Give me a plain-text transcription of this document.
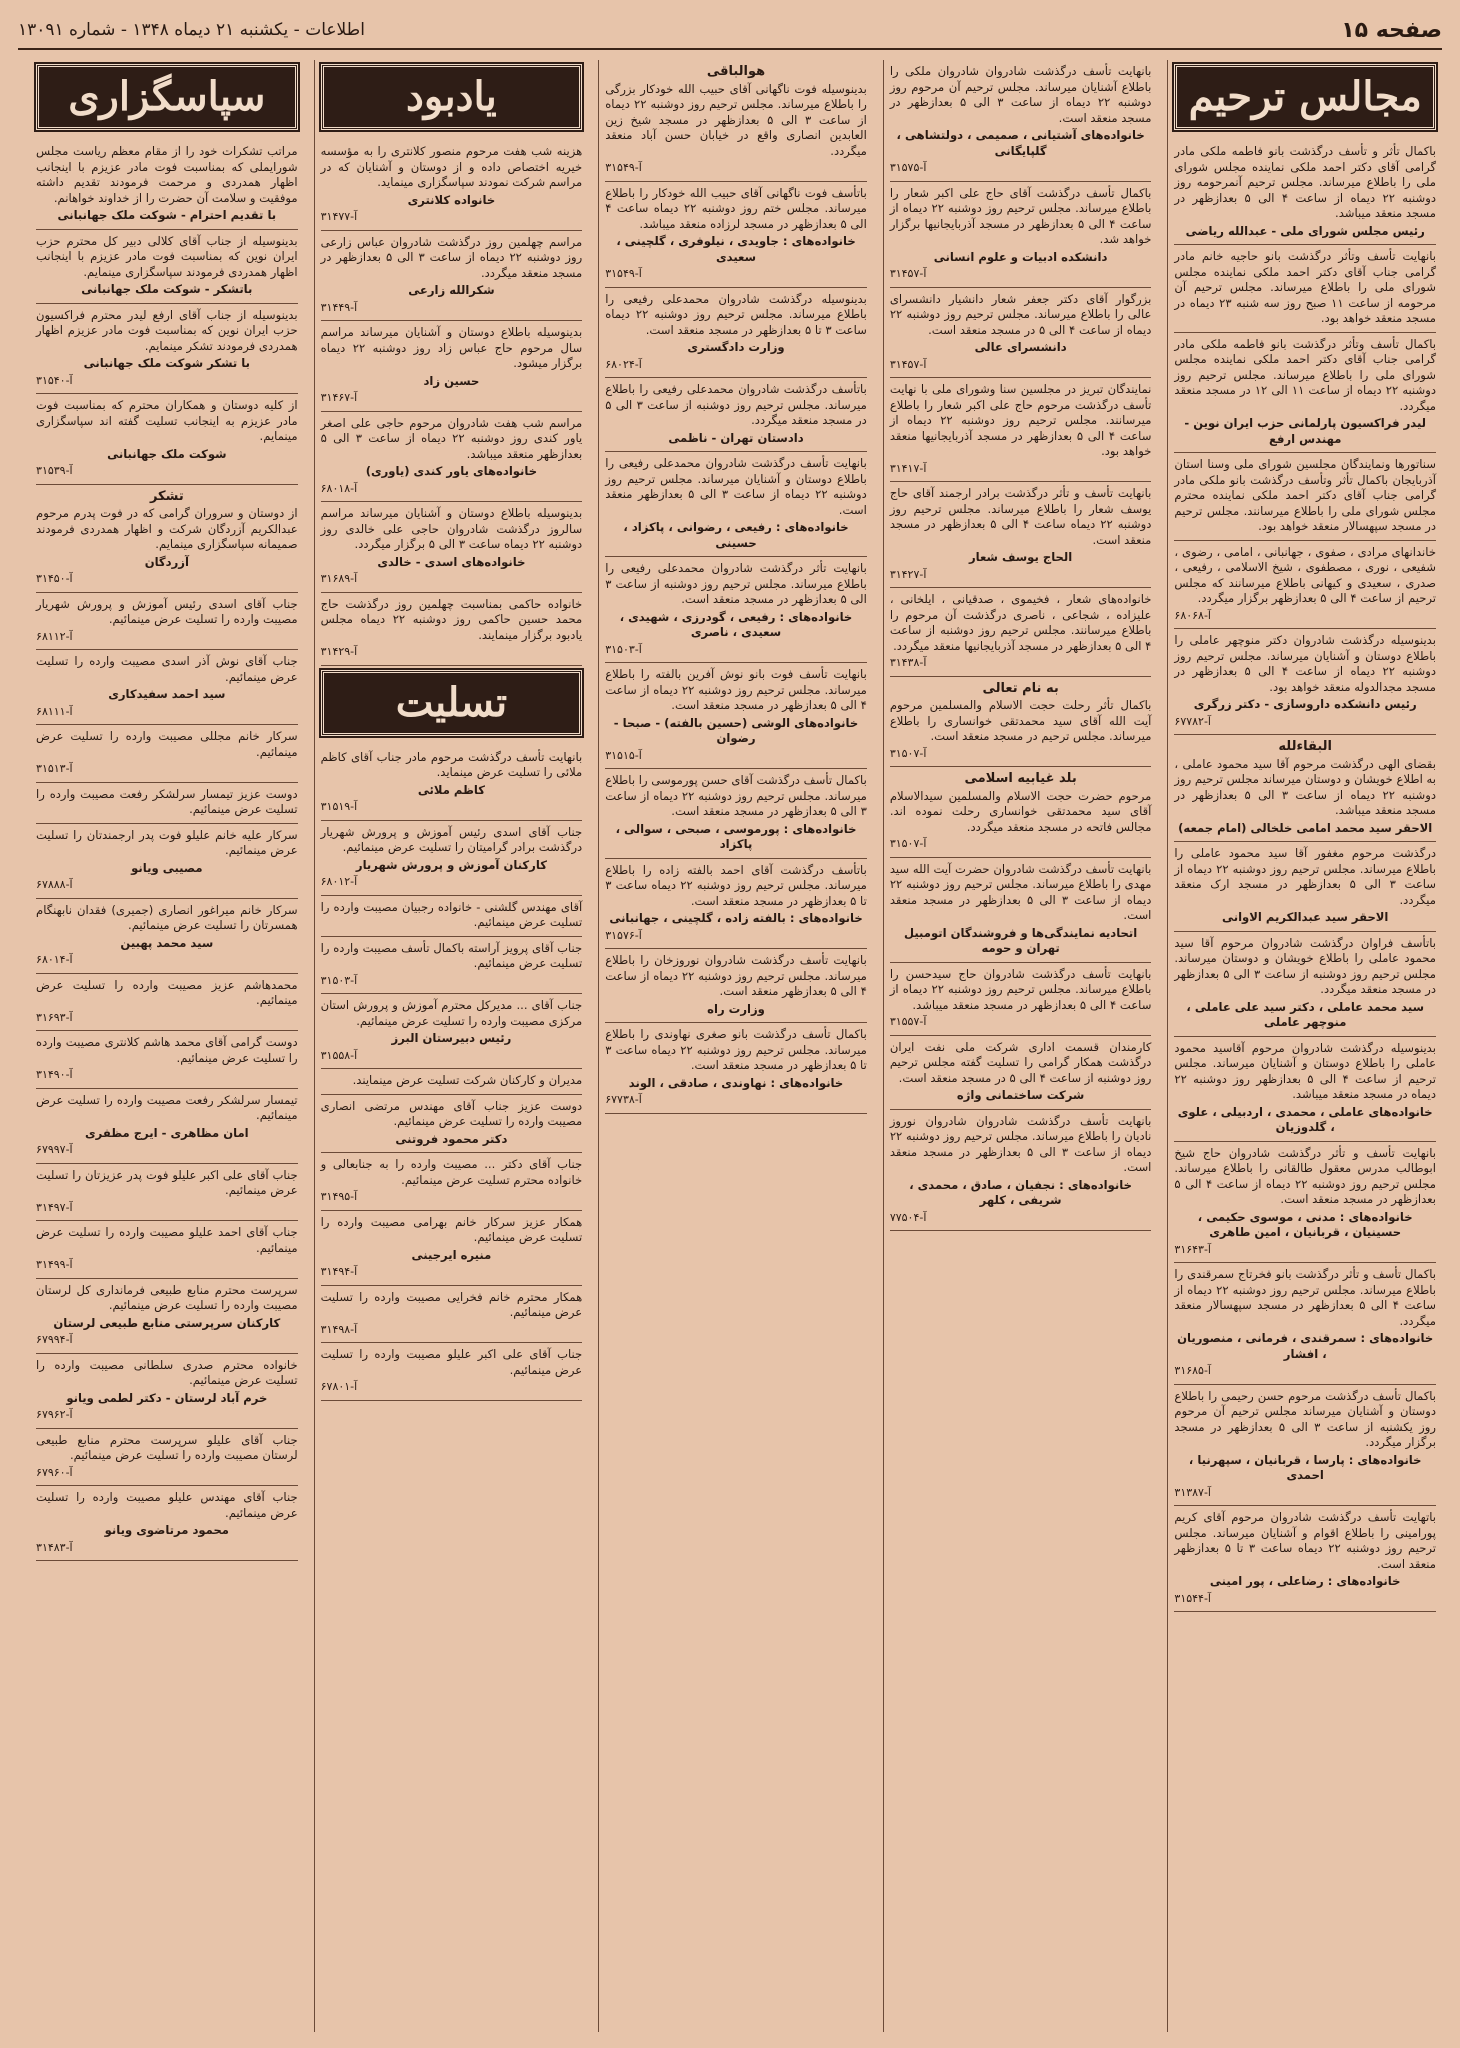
صفحه ۱۵
اطلاعات - یکشنبه ۲۱ دیماه ۱۳۴۸ - شماره ۱۳۰۹۱
مجالس ترحیم
باکمال تأثر و تأسف درگذشت بانو فاطمه ملکی مادر گرامی آقای دکتر احمد ملکی نماینده مجلس شورای ملی را باطلاع میرساند. مجلس ترحیم آنمرحومه روز دوشنبه ۲۲ دیماه از ساعت ۴ الی ۵ بعدازظهر در مسجد منعقد میباشد.
رئیس مجلس شورای ملی - عبدالله ریاضی
بانهایت تأسف وتأثر درگذشت بانو حاجیه خانم مادر گرامی جناب آقای دکتر احمد ملکی نماینده مجلس شورای ملی را باطلاع میرساند. مجلس ترحیم آن مرحومه از ساعت ۱۱ صبح روز سه شنبه ۲۳ دیماه در مسجد منعقد خواهد بود.
باکمال تأسف وتأثر درگذشت بانو فاطمه ملکی مادر گرامی جناب آقای دکتر احمد ملکی نماینده مجلس شورای ملی را باطلاع میرساند. مجلس ترحیم روز دوشنبه ۲۲ دیماه از ساعت ۱۱ الی ۱۲ در مسجد منعقد میگردد.
لیدر فراکسیون پارلمانی حزب ایران نوین - مهندس ارفع
سناتورها ونمایندگان مجلسین شورای ملی وسنا استان آذربایجان باکمال تأثر وتأسف درگذشت بانو ملکی مادر گرامی جناب آقای دکتر احمد ملکی نماینده محترم مجلس شورای ملی را باطلاع میرسانند. مجلس ترحیم در مسجد سپهسالار منعقد خواهد بود.
خاندانهای مرادی ، صفوی ، جهانبانی ، امامی ، رضوی ، شفیعی ، نوری ، مصطفوی ، شیخ الاسلامی ، رفیعی ، صدری ، سعیدی و کیهانی باطلاع میرسانند که مجلس ترحیم از ساعت ۴ الی ۵ بعدازظهر برگزار میگردد.
آ-۶۸۰۶۸
بدینوسیله درگذشت شادروان دکتر منوچهر عاملی را باطلاع دوستان و آشنایان میرساند. مجلس ترحیم روز دوشنبه ۲۲ دیماه از ساعت ۴ الی ۵ بعدازظهر در مسجد مجدالدوله منعقد خواهد بود.
رئیس دانشکده داروسازی - دکتر زرگری
آ-۶۷۷۸۲
البقاءلله
بقضای الهی درگذشت مرحوم آقا سید محمود عاملی ، به اطلاع خویشان و دوستان میرساند مجلس ترحیم روز دوشنبه ۲۲ دیماه از ساعت ۳ الی ۵ بعدازظهر در مسجد منعقد میباشد.
الاحقر سید محمد امامی خلخالی (امام جمعه)
درگذشت مرحوم مغفور آقا سید محمود عاملی را باطلاع میرساند. مجلس ترحیم روز دوشنبه ۲۲ دیماه از ساعت ۳ الی ۵ بعدازظهر در مسجد ارک منعقد میگردد.
الاحقر سید عبدالکریم الاوانی
باتأسف فراوان درگذشت شادروان مرحوم آقا سید محمود عاملی را باطلاع خویشان و دوستان میرساند. مجلس ترحیم روز دوشنبه از ساعت ۳ الی ۵ بعدازظهر در مسجد منعقد میگردد.
سید محمد عاملی ، دکتر سید علی عاملی ، منوچهر عاملی
بدینوسیله درگذشت شادروان مرحوم آقاسید محمود عاملی را باطلاع دوستان و آشنایان میرساند. مجلس ترحیم از ساعت ۴ الی ۵ بعدازظهر روز دوشنبه ۲۲ دیماه در مسجد منعقد میباشد.
خانواده‌های عاملی ، محمدی ، اردبیلی ، علوی ، گلدوزیان
بانهایت تأسف و تأثر درگذشت شادروان حاج شیخ ابوطالب مدرس معقول طالقانی را باطلاع میرساند. مجلس ترحیم روز دوشنبه ۲۲ دیماه از ساعت ۴ الی ۵ بعدازظهر در مسجد منعقد است.
خانواده‌های : مدنی ، موسوی حکیمی ، حسینیان ، قربانیان ، امین طاهری
آ-۳۱۶۴۳
باکمال تأسف و تأثر درگذشت بانو فخرتاج سمرقندی را باطلاع میرساند. مجلس ترحیم روز دوشنبه ۲۲ دیماه از ساعت ۴ الی ۵ بعدازظهر در مسجد سپهسالار منعقد میگردد.
خانواده‌های : سمرقندی ، فرمانی ، منصوریان ، افشار
آ-۳۱۶۸۵
باکمال تأسف درگذشت مرحوم حسن رحیمی را باطلاع دوستان و آشنایان میرساند مجلس ترحیم آن مرحوم روز یکشنبه از ساعت ۳ الی ۵ بعدازظهر در مسجد برگزار میگردد.
خانواده‌های : پارسا ، قربانیان ، سپهرنیا ، احمدی
آ-۳۱۳۸۷
باتهایت تأسف درگذشت شادروان مرحوم آقای کریم پورامینی را باطلاع اقوام و آشنایان میرساند. مجلس ترحیم روز دوشنبه ۲۲ دیماه ساعت ۳ تا ۵ بعدازظهر منعقد است.
خانواده‌های : رضاعلی ، پور امینی
آ-۳۱۵۴۴
بانهایت تأسف درگذشت شادروان شادروان ملکی را باطلاع آشنایان میرساند. مجلس ترحیم آن مرحوم روز دوشنبه ۲۲ دیماه از ساعت ۳ الی ۵ بعدازظهر در مسجد منعقد است.
خانواده‌های آشتیانی ، صمیمی ، دولتشاهی ، گلپایگانی
آ-۳۱۵۷۵
باکمال تأسف درگذشت آقای حاج علی اکبر شعار را باطلاع میرساند. مجلس ترحیم روز دوشنبه ۲۲ دیماه از ساعت ۴ الی ۵ بعدازظهر در مسجد آذربایجانیها برگزار خواهد شد.
دانشکده ادبیات و علوم انسانی
آ-۳۱۴۵۷
بزرگوار آقای دکتر جعفر شعار دانشیار دانشسرای عالی را باطلاع میرساند. مجلس ترحیم روز دوشنبه ۲۲ دیماه از ساعت ۴ الی ۵ در مسجد منعقد است.
دانشسرای عالی
آ-۳۱۴۵۷
نمایندگان تبریز در مجلسین سنا وشورای ملی با نهایت تأسف درگذشت مرحوم حاج علی اکبر شعار را باطلاع میرسانند. مجلس ترحیم روز دوشنبه ۲۲ دیماه از ساعت ۴ الی ۵ بعدازظهر در مسجد آذربایجانیها منعقد خواهد بود.
آ-۳۱۴۱۷
بانهایت تأسف و تأثر درگذشت برادر ارجمند آقای حاج یوسف شعار را باطلاع میرساند. مجلس ترحیم روز دوشنبه ۲۲ دیماه ساعت ۴ الی ۵ بعدازظهر در مسجد منعقد است.
الحاج یوسف شعار
آ-۳۱۴۲۷
خانواده‌های شعار ، فخیموی ، صدقیانی ، ایلخانی ، علیزاده ، شجاعی ، ناصری درگذشت آن مرحوم را باطلاع میرسانند. مجلس ترحیم روز دوشنبه از ساعت ۴ الی ۵ بعدازظهر در مسجد آذربایجانیها منعقد میگردد.
آ-۳۱۴۳۸
به نام تعالی
باکمال تأثر رحلت حجت الاسلام والمسلمین مرحوم آیت الله آقای سید محمدتقی خوانساری را باطلاع میرساند. مجلس ترحیم در مسجد منعقد است.
آ-۳۱۵۰۷
بلد غیابیه اسلامی
مرحوم حضرت حجت الاسلام والمسلمین سیدالاسلام آقای سید محمدتقی خوانساری رحلت نموده اند. مجالس فاتحه در مسجد منعقد میگردد.
آ-۳۱۵۰۷
بانهایت تأسف درگذشت شادروان حضرت آیت الله سید مهدی را باطلاع میرساند. مجلس ترحیم روز دوشنبه ۲۲ دیماه از ساعت ۳ الی ۵ بعدازظهر در مسجد منعقد است.
اتحادیه نمایندگی‌ها و فروشندگان اتومبیل تهران و حومه
بانهایت تأسف درگذشت شادروان حاج سیدحسن را باطلاع میرساند. مجلس ترحیم روز دوشنبه ۲۲ دیماه از ساعت ۴ الی ۵ بعدازظهر در مسجد منعقد میباشد.
آ-۳۱۵۵۷
کارمندان قسمت اداری شرکت ملی نفت ایران درگذشت همکار گرامی را تسلیت گفته مجلس ترحیم روز دوشنبه از ساعت ۴ الی ۵ در مسجد منعقد است.
شرکت ساختمانی واژه
بانهایت تأسف درگذشت شادروان شادروان نوروز نادیان را باطلاع میرساند. مجلس ترحیم روز دوشنبه ۲۲ دیماه از ساعت ۳ الی ۵ بعدازظهر در مسجد منعقد است.
خانواده‌های : نجفیان ، صادق ، محمدی ، شریفی ، کلهر
آ-۷۷۵۰۴
هوالباقی
بدینوسیله فوت ناگهانی آقای حبیب الله خودکار بزرگی را باطلاع میرساند. مجلس ترحیم روز دوشنبه ۲۲ دیماه از ساعت ۳ الی ۵ بعدازظهر در مسجد شیخ زین العابدین انصاری واقع در خیابان حسن آباد منعقد میگردد.
آ-۳۱۵۴۹
باتأسف فوت ناگهانی آقای حبیب الله خودکار را باطلاع میرساند. مجلس ختم روز دوشنبه ۲۲ دیماه ساعت ۴ الی ۵ بعدازظهر در مسجد لرزاده منعقد میباشد.
خانواده‌های : جاویدی ، نیلوفری ، گلچینی ، سعیدی
آ-۳۱۵۴۹
بدینوسیله درگذشت شادروان محمدعلی رفیعی را باطلاع میرساند. مجلس ترحیم روز دوشنبه ۲۲ دیماه ساعت ۳ تا ۵ بعدازظهر در مسجد منعقد است.
وزارت دادگستری
آ-۶۸۰۲۴
باتأسف درگذشت شادروان محمدعلی رفیعی را باطلاع میرساند. مجلس ترحیم روز دوشنبه از ساعت ۳ الی ۵ در مسجد منعقد میگردد.
دادستان تهران - ناظمی
بانهایت تأسف درگذشت شادروان محمدعلی رفیعی را باطلاع دوستان و آشنایان میرساند. مجلس ترحیم روز دوشنبه ۲۲ دیماه از ساعت ۳ الی ۵ بعدازظهر منعقد است.
خانواده‌های : رفیعی ، رضوانی ، پاکزاد ، حسینی
بانهایت تأثر درگذشت شادروان محمدعلی رفیعی را باطلاع میرساند. مجلس ترحیم روز دوشنبه از ساعت ۳ الی ۵ بعدازظهر در مسجد منعقد است.
خانواده‌های : رفیعی ، گودرزی ، شهیدی ، سعیدی ، ناصری
آ-۳۱۵۰۳
بانهایت تأسف فوت بانو نوش آفرین بالفته را باطلاع میرساند. مجلس ترحیم روز دوشنبه ۲۲ دیماه از ساعت ۴ الی ۵ بعدازظهر در مسجد منعقد است.
خانواده‌های الوشی (حسین بالفته) - صبحا - رضوان
آ-۳۱۵۱۵
باکمال تأسف درگذشت آقای حسن پورموسی را باطلاع میرساند. مجلس ترحیم روز دوشنبه ۲۲ دیماه از ساعت ۳ الی ۵ بعدازظهر در مسجد منعقد است.
خانواده‌های : پورموسی ، صبحی ، سوالی ، پاکزاد
باتأسف درگذشت آقای احمد بالفته زاده را باطلاع میرساند. مجلس ترحیم روز دوشنبه ۲۲ دیماه ساعت ۳ تا ۵ بعدازظهر در مسجد منعقد است.
خانواده‌های : بالفته زاده ، گلچینی ، جهانبانی
آ-۳۱۵۷۶
بانهایت تأسف درگذشت شادروان نوروزخان را باطلاع میرساند. مجلس ترحیم روز دوشنبه ۲۲ دیماه از ساعت ۴ الی ۵ بعدازظهر منعقد است.
وزارت راه
باکمال تأسف درگذشت بانو صغری نهاوندی را باطلاع میرساند. مجلس ترحیم روز دوشنبه ۲۲ دیماه ساعت ۳ تا ۵ بعدازظهر در مسجد منعقد است.
خانواده‌های : نهاوندی ، صادقی ، الوند
آ-۶۷۷۳۸
یادبود
هزینه شب هفت مرحوم منصور کلانتری را به مؤسسه خیریه اختصاص داده و از دوستان و آشنایان که در مراسم شرکت نمودند سپاسگزاری مینماید.
خانواده کلانتری
آ-۳۱۴۷۷
مراسم چهلمین روز درگذشت شادروان عباس زارعی روز دوشنبه ۲۲ دیماه از ساعت ۳ الی ۵ بعدازظهر در مسجد منعقد میگردد.
شکرالله زارعی
آ-۳۱۴۴۹
بدینوسیله باطلاع دوستان و آشنایان میرساند مراسم سال مرحوم حاج عباس زاد روز دوشنبه ۲۲ دیماه برگزار میشود.
حسین زاد
آ-۳۱۴۶۷
مراسم شب هفت شادروان مرحوم حاجی علی اصغر یاور کندی روز دوشنبه ۲۲ دیماه از ساعت ۳ الی ۵ بعدازظهر منعقد میباشد.
خانواده‌های یاور کندی (یاوری)
آ-۶۸۰۱۸
بدینوسیله باطلاع دوستان و آشنایان میرساند مراسم سالروز درگذشت شادروان حاجی علی خالدی روز دوشنبه ۲۲ دیماه ساعت ۳ الی ۵ برگزار میگردد.
خانواده‌های اسدی - خالدی
آ-۳۱۶۸۹
خانواده حاکمی بمناسبت چهلمین روز درگذشت حاج محمد حسین حاکمی روز دوشنبه ۲۲ دیماه مجلس یادبود برگزار مینمایند.
آ-۳۱۴۲۹
تسلیت
بانهایت تأسف درگذشت مرحوم مادر جناب آقای کاظم ملائی را تسلیت عرض مینماید.
کاظم ملائی
آ-۳۱۵۱۹
جناب آقای اسدی رئیس آموزش و پرورش شهریار درگذشت برادر گرامیتان را تسلیت عرض مینمائیم.
کارکنان آموزش و پرورش شهریار
آ-۶۸۰۱۲
آقای مهندس گلشنی - خانواده رجبیان مصیبت وارده را تسلیت عرض مینمائیم.
جناب آقای پرویز آراسته باکمال تأسف مصیبت وارده را تسلیت عرض مینمائیم.
آ-۳۱۵۰۳
جناب آقای ... مدیرکل محترم آموزش و پرورش استان مرکزی مصیبت وارده را تسلیت عرض مینمائیم.
رئیس دبیرستان البرز
آ-۳۱۵۵۸
مدیران و کارکنان شرکت تسلیت عرض مینمایند.
دوست عزیز جناب آقای مهندس مرتضی انصاری مصیبت وارده را تسلیت عرض مینمائیم.
دکتر محمود فروتنی
جناب آقای دکتر ... مصیبت وارده را به جنابعالی و خانواده محترم تسلیت عرض مینمائیم.
آ-۳۱۴۹۵
همکار عزیز سرکار خانم بهرامی مصیبت وارده را تسلیت عرض مینمائیم.
منیره ایرجینی
آ-۳۱۴۹۴
همکار محترم خانم فخرایی مصیبت وارده را تسلیت عرض مینمائیم.
آ-۳۱۴۹۸
جناب آقای علی اکبر علیلو مصیبت وارده را تسلیت عرض مینمائیم.
آ-۶۷۸۰۱
سپاسگزاری
مراتب تشکرات خود را از مقام معظم ریاست مجلس شورایملی که بمناسبت فوت مادر عزیزم با اینجانب اظهار همدردی و مرحمت فرمودند تقدیم داشته موفقیت و سلامت آن حضرت را از خداوند خواهانم.
با تقدیم احترام - شوکت ملک جهانبانی
بدینوسیله از جناب آقای کلالی دبیر کل محترم حزب ایران نوین که بمناسبت فوت مادر عزیزم با اینجانب اظهار همدردی فرمودند سپاسگزاری مینمایم.
باتشکر - شوکت ملک جهانبانی
بدینوسیله از جناب آقای ارفع لیدر محترم فراکسیون حزب ایران نوین که بمناسبت فوت مادر عزیزم اظهار همدردی فرمودند تشکر مینمایم.
با تشکر شوکت ملک جهانبانی
آ-۳۱۵۴۰
از کلیه دوستان و همکاران محترم که بمناسبت فوت مادر عزیزم به اینجانب تسلیت گفته اند سپاسگزاری مینمایم.
شوکت ملک جهانبانی
آ-۳۱۵۳۹
تشکر
از دوستان و سروران گرامی که در فوت پدرم مرحوم عبدالکریم آزردگان شرکت و اظهار همدردی فرمودند صمیمانه سپاسگزاری مینمایم.
آزردگان
آ-۳۱۴۵۰
جناب آقای اسدی رئیس آموزش و پرورش شهریار مصیبت وارده را تسلیت عرض مینمائیم.
آ-۶۸۱۱۲
جناب آقای نوش آذر اسدی مصیبت وارده را تسلیت عرض مینمائیم.
سید احمد سفیدکاری
آ-۶۸۱۱۱
سرکار خانم مجللی مصیبت وارده را تسلیت عرض مینمائیم.
آ-۳۱۵۱۳
دوست عزیز تیمسار سرلشکر رفعت مصیبت وارده را تسلیت عرض مینمائیم.
سرکار علیه خانم علیلو فوت پدر ارجمندتان را تسلیت عرض مینمائیم.
مصیبی ویانو
آ-۶۷۸۸۸
سرکار خانم میراغور انصاری (جمیری) فقدان نابهنگام همسرتان را تسلیت عرض مینمائیم.
سید محمد پهبین
آ-۶۸۰۱۴
محمدهاشم عزیز مصیبت وارده را تسلیت عرض مینمائیم.
آ-۳۱۶۹۳
دوست گرامی آقای محمد هاشم کلانتری مصیبت وارده را تسلیت عرض مینمائیم.
آ-۳۱۴۹۰
تیمسار سرلشکر رفعت مصیبت وارده را تسلیت عرض مینمائیم.
امان مظاهری - ایرج مظفری
آ-۶۷۹۹۷
جناب آقای علی اکبر علیلو فوت پدر عزیزتان را تسلیت عرض مینمائیم.
آ-۳۱۴۹۷
جناب آقای احمد علیلو مصیبت وارده را تسلیت عرض مینمائیم.
آ-۳۱۴۹۹
سرپرست محترم منابع طبیعی فرمانداری کل لرستان مصیبت وارده را تسلیت عرض مینمائیم.
کارکنان سرپرستی منابع طبیعی لرستان
آ-۶۷۹۹۴
خانواده محترم صدری سلطانی مصیبت وارده را تسلیت عرض مینمائیم.
خرم آباد لرستان - دکتر لطمی ویانو
آ-۶۷۹۶۲
جناب آقای علیلو سرپرست محترم منابع طبیعی لرستان مصیبت وارده را تسلیت عرض مینمائیم.
آ-۶۷۹۶۰
جناب آقای مهندس علیلو مصیبت وارده را تسلیت عرض مینمائیم.
محمود مرتاضوی ویانو
آ-۳۱۴۸۳
